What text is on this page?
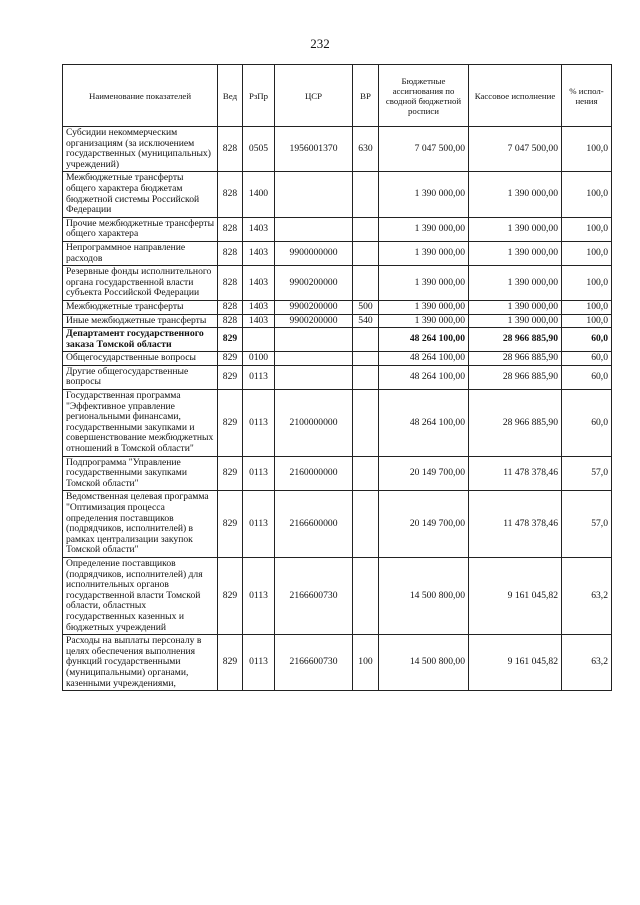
232
Наименование показателей	Вед	РзПр	ЦСР	ВР	Бюджетные ассигнования по сводной бюджетной росписи	Кассовое исполнение	% испол-нения
Субсидии некоммерческим организациям (за исключением государственных (муниципальных) учреждений)	828	0505	1956001370	630	7 047 500,00	7 047 500,00	100,0
Межбюджетные трансферты общего характера бюджетам бюджетной системы Российской Федерации	828	1400			1 390 000,00	1 390 000,00	100,0
Прочие межбюджетные трансферты общего характера	828	1403			1 390 000,00	1 390 000,00	100,0
Непрограммное направление расходов	828	1403	9900000000		1 390 000,00	1 390 000,00	100,0
Резервные фонды исполнительного органа государственной власти субъекта Российской Федерации	828	1403	9900200000		1 390 000,00	1 390 000,00	100,0
Межбюджетные трансферты	828	1403	9900200000	500	1 390 000,00	1 390 000,00	100,0
Иные межбюджетные трансферты	828	1403	9900200000	540	1 390 000,00	1 390 000,00	100,0
Департамент государственного заказа Томской области	829				48 264 100,00	28 966 885,90	60,0
Общегосударственные вопросы	829	0100			48 264 100,00	28 966 885,90	60,0
Другие общегосударственные вопросы	829	0113			48 264 100,00	28 966 885,90	60,0
Государственная программа "Эффективное управление региональными финансами, государственными закупками и совершенствование межбюджетных отношений в Томской области"	829	0113	2100000000		48 264 100,00	28 966 885,90	60,0
Подпрограмма "Управление государственными закупками Томской области"	829	0113	2160000000		20 149 700,00	11 478 378,46	57,0
Ведомственная целевая программа "Оптимизация процесса определения поставщиков (подрядчиков, исполнителей) в рамках централизации закупок Томской области"	829	0113	2166600000		20 149 700,00	11 478 378,46	57,0
Определение поставщиков (подрядчиков, исполнителей) для исполнительных органов государственной власти Томской области, областных государственных казенных и бюджетных учреждений	829	0113	2166600730		14 500 800,00	9 161 045,82	63,2
Расходы на выплаты персоналу в целях обеспечения выполнения функций государственными (муниципальными) органами, казенными учреждениями,	829	0113	2166600730	100	14 500 800,00	9 161 045,82	63,2
